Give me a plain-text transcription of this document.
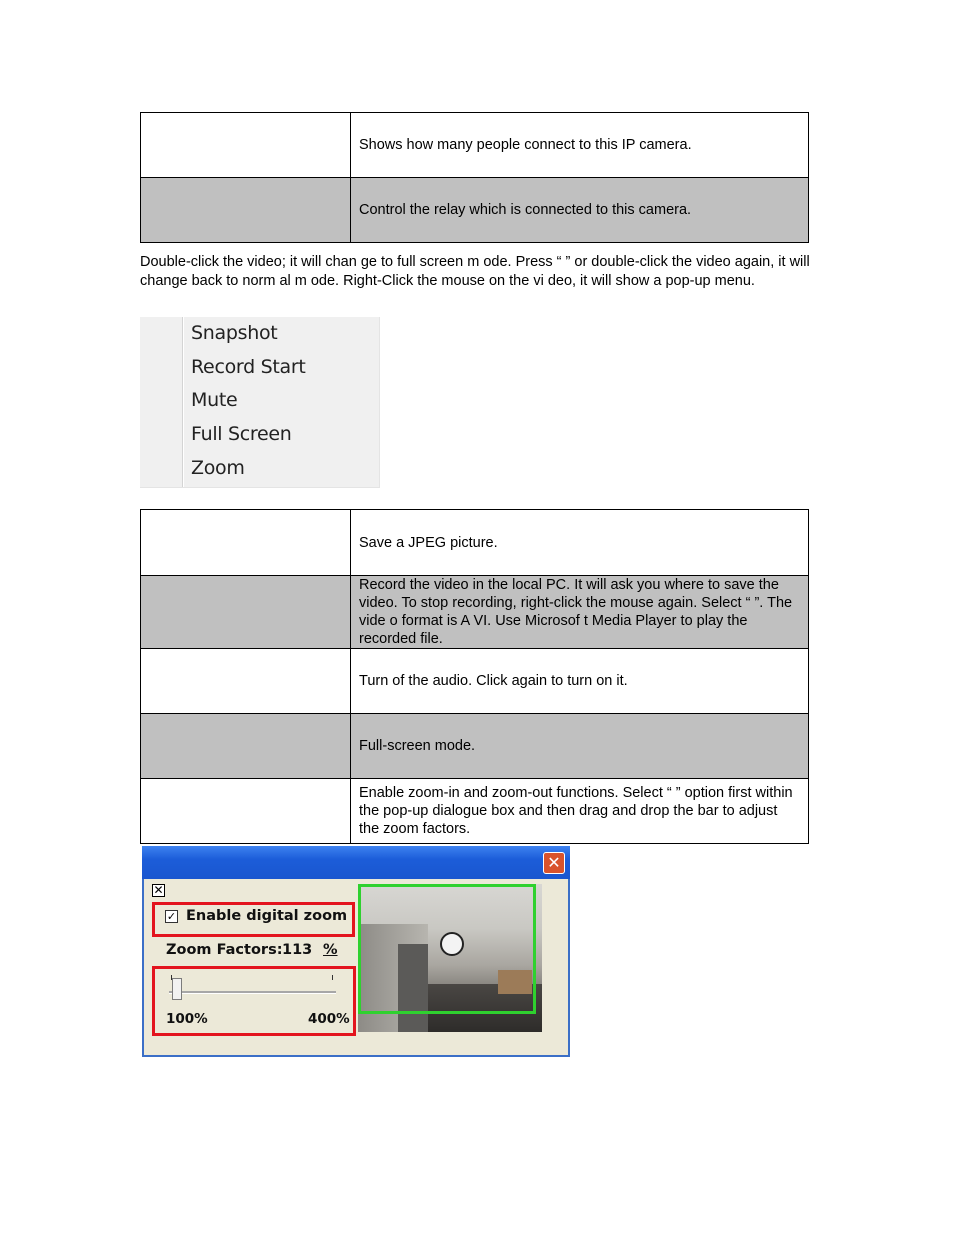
	Shows how many people connect to this IP camera.
	Control the relay which is connected to this camera.
Double-click the video; it will chan ge to full screen m ode. Press “ ” or double-click the video again, it will change back to norm al m ode. Right-Click the mouse on the vi deo, it will show a pop-up menu.
Snapshot
Record Start
Mute
Full Screen
Zoom
	Save a JPEG picture.
	Record the video in the local PC. It will ask you where to save the video. To stop recording, right-click the mouse again. Select “ ”. The vide o format is A VI. Use Microsof t Media Player to play the recorded file.
	Turn of the audio. Click again to turn on it.
	Full-screen mode.
	Enable zoom-in and zoom-out functions. Select “ ” option first within the pop-up dialogue box and then drag and drop the bar to adjust the zoom factors.
✕
✕
✓ Enable digital zoom
Zoom Factors: 113 %
100%	400%
